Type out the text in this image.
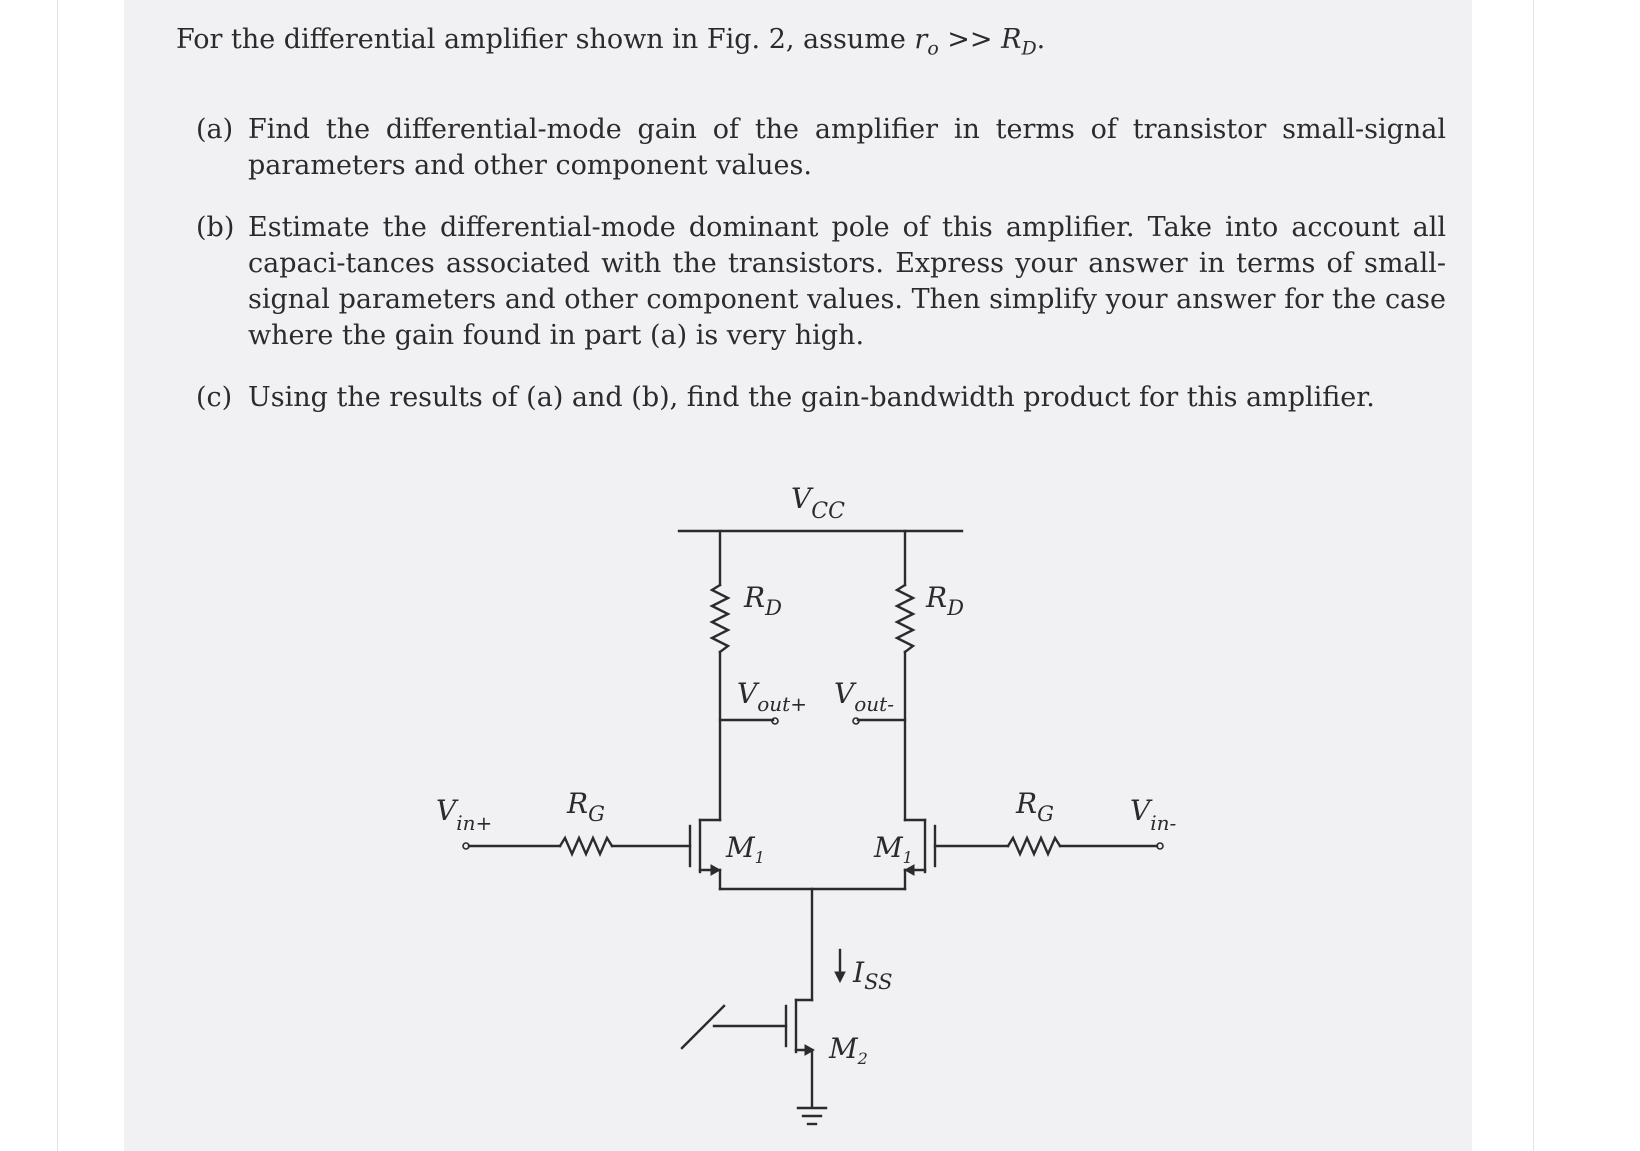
For the differential amplifier shown in Fig. 2, assume $r_o >> R_D$.
(a) Find the differential-mode gain of the amplifier in terms of transistor small-signal parameters and other component values.
(b) Estimate the differential-mode dominant pole of this amplifier. Take into account all capaci-tances associated with the transistors. Express your answer in terms of small-signal parameters and other component values. Then simplify your answer for the case where the gain found in part (a) is very high.
(c) Using the results of (a) and (b), find the gain-bandwidth product for this amplifier.
$V_{CC}$
$R_D$	$R_D$
$V_{out+}$ $V_{out-}$
$V_{in+}$	$V_{in-}$
$R_G$	$R_G$
$M_1$	$M_1$
$I_{SS}$
$M_2$
